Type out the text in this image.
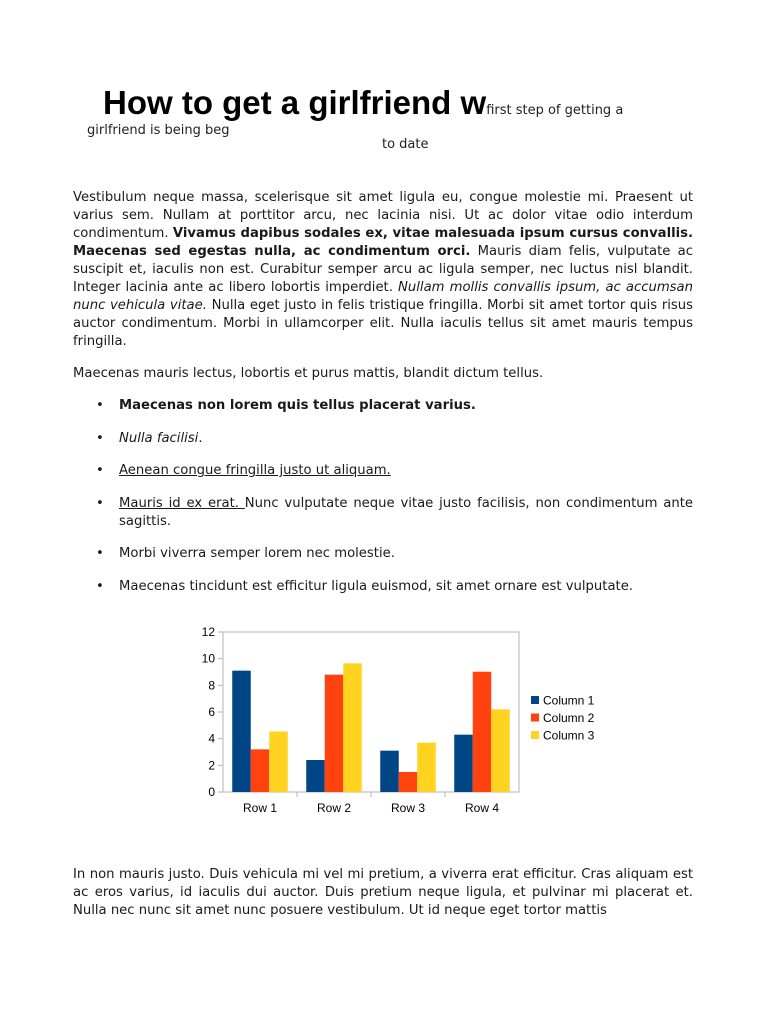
How to get a girlfriend wfirst step of getting a
girlfriend is being beg
to date

Vestibulum neque massa, scelerisque sit amet ligula eu, congue molestie mi. Praesent ut varius sem. Nullam at porttitor arcu, nec lacinia nisi. Ut ac dolor vitae odio interdum condimentum. Vivamus dapibus sodales ex, vitae malesuada ipsum cursus convallis. Maecenas sed egestas nulla, ac condimentum orci. Mauris diam felis, vulputate ac suscipit et, iaculis non est. Curabitur semper arcu ac ligula semper, nec luctus nisl blandit. Integer lacinia ante ac libero lobortis imperdiet. Nullam mollis convallis ipsum, ac accumsan nunc vehicula vitae. Nulla eget justo in felis tristique fringilla. Morbi sit amet tortor quis risus auctor condimentum. Morbi in ullamcorper elit. Nulla iaculis tellus sit amet mauris tempus fringilla.

Maecenas mauris lectus, lobortis et purus mattis, blandit dictum tellus.

• Maecenas non lorem quis tellus placerat varius.
• Nulla facilisi.
• Aenean congue fringilla justo ut aliquam.
• Mauris id ex erat. Nunc vulputate neque vitae justo facilisis, non condimentum ante sagittis.
• Morbi viverra semper lorem nec molestie.
• Maecenas tincidunt est efficitur ligula euismod, sit amet ornare est vulputate.
0
2
4
6
8
10
12
Row 1	Row 2	Row 3	Row 4
Column 1
Column 2
Column 3

In non mauris justo. Duis vehicula mi vel mi pretium, a viverra erat efficitur. Cras aliquam est ac eros varius, id iaculis dui auctor. Duis pretium neque ligula, et pulvinar mi placerat et. Nulla nec nunc sit amet nunc posuere vestibulum. Ut id neque eget tortor mattis
